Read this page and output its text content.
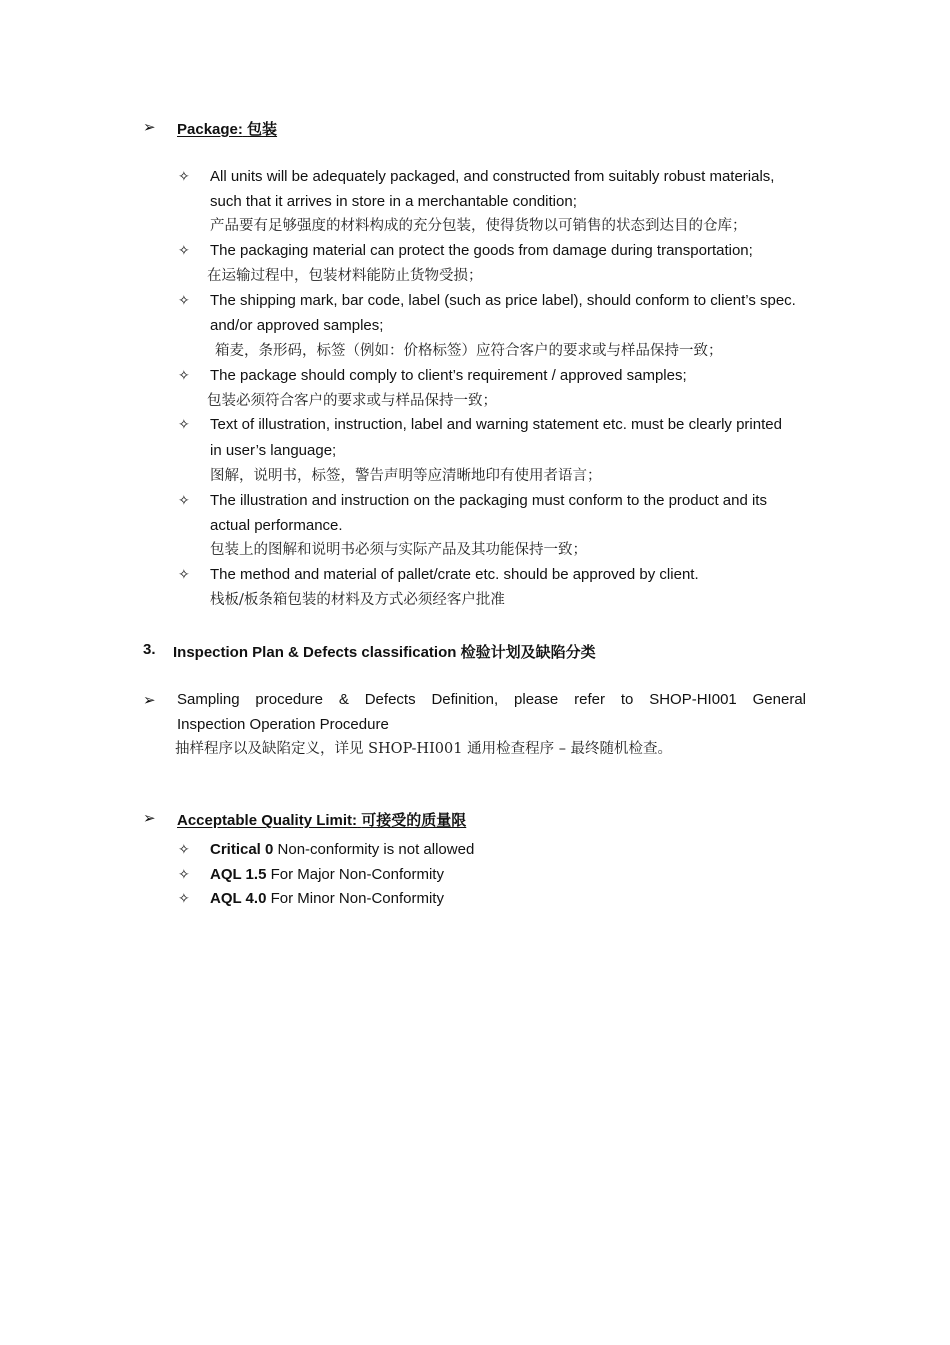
➢ Package: 包装
✧ All units will be adequately packaged, and constructed from suitably robust materials,
such that it arrives in store in a merchantable condition;
产品要有足够强度的材料构成的充分包装，使得货物以可销售的状态到达目的仓库；
✧ The packaging material can protect the goods from damage during transportation;
在运输过程中，包装材料能防止货物受损；
✧ The shipping mark, bar code, label (such as price label), should conform to client’s spec.
and/or approved samples;
箱麦，条形码，标签（例如：价格标签）应符合客户的要求或与样品保持一致；
✧ The package should comply to client’s requirement / approved samples;
包装必须符合客户的要求或与样品保持一致；
✧ Text of illustration, instruction, label and warning statement etc. must be clearly printed
in user’s language;
图解，说明书，标签，警告声明等应清晰地印有使用者语言；
✧ The illustration and instruction on the packaging must conform to the product and its
actual performance.
包装上的图解和说明书必须与实际产品及其功能保持一致；
✧ The method and material of pallet/crate etc. should be approved by client.
栈板/板条箱包装的材料及方式必须经客户批准
3. Inspection Plan & Defects classification 检验计划及缺陷分类
➢ Sampling procedure & Defects Definition, please refer to SHOP-HI001 General
Inspection Operation Procedure
抽样程序以及缺陷定义，详见 SHOP-HI001 通用检查程序 – 最终随机检查。
➢ Acceptable Quality Limit: 可接受的质量限
✧ Critical 0 Non-conformity is not allowed
✧ AQL 1.5 For Major Non-Conformity
✧ AQL 4.0 For Minor Non-Conformity
